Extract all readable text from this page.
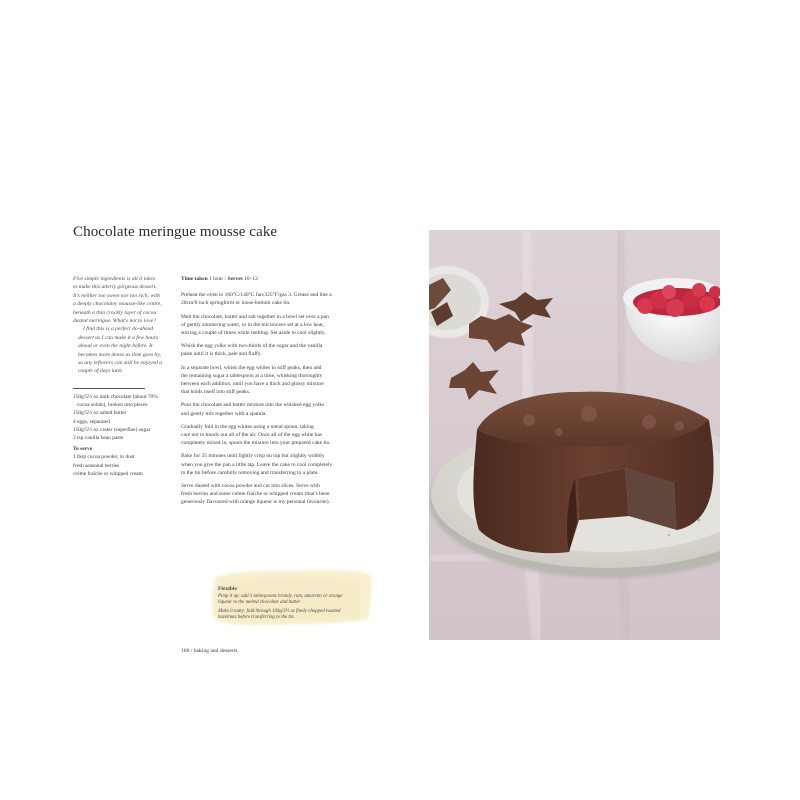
Chocolate meringue mousse cake

Five simple ingredients is all it takes
to make this utterly gorgeous dessert.
It's neither too sweet nor too rich, with
a deeply chocolatey mousse-like centre,
beneath a thin crackly layer of cocoa
dusted meringue. What's not to love?

I find this is a perfect do-ahead
dessert as I can make it a few hours
ahead or even the night before. It
becomes more dense as time goes by,
so any leftovers can still be enjoyed a
couple of days later.

150g/5½ oz dark chocolate (about 70%
cocoa solids), broken into pieces
150g/5½ oz salted butter
4 eggs, separated
150g/5½ oz caster (superfine) sugar
2 tsp vanilla bean paste
To serve
1 tbsp cocoa powder, to dust
fresh seasonal berries
crème fraîche or whipped cream
Time taken 1 hour / Serves 10–12

Preheat the oven to 160°C/140°C fan/325°F/gas 3. Grease and line a
20cm/8 inch springform or loose-bottom cake tin.

Melt the chocolate, butter and salt together in a bowl set over a pan
of gently simmering water, or in the microwave set at a low heat,
stirring a couple of times while melting. Set aside to cool slightly.

Whisk the egg yolks with two-thirds of the sugar and the vanilla
paste until it is thick, pale and fluffy.

In a separate bowl, whisk the egg whites to stiff peaks, then add
the remaining sugar a tablespoon at a time, whisking thoroughly
between each addition, until you have a thick and glossy mixture
that holds itself into stiff peaks.

Pour the chocolate and butter mixture into the whisked egg yolks
and gently mix together with a spatula.

Gradually fold in the egg whites using a metal spoon, taking
care not to knock out all of the air. Once all of the egg white has
completely mixed in, spoon the mixture into your prepared cake tin.

Bake for 35 minutes until lightly crisp on top but slightly wobbly
when you give the pan a little tap. Leave the cake to cool completely
in the tin before carefully removing and transferring to a plate.

Serve dusted with cocoa powder and cut into slices. Serve with
fresh berries and some crème fraîche or whipped cream (that's been
generously flavoured with orange liqueur is my personal favourite).

Flexible

Pimp it up: add 3 tablespoons brandy, rum, amaretto or orange
liqueur to the melted chocolate and butter.

Make it nutty: fold through 100g/3½ oz finely chopped roasted
hazelnuts before transferring to the tin.

160 / baking and desserts
